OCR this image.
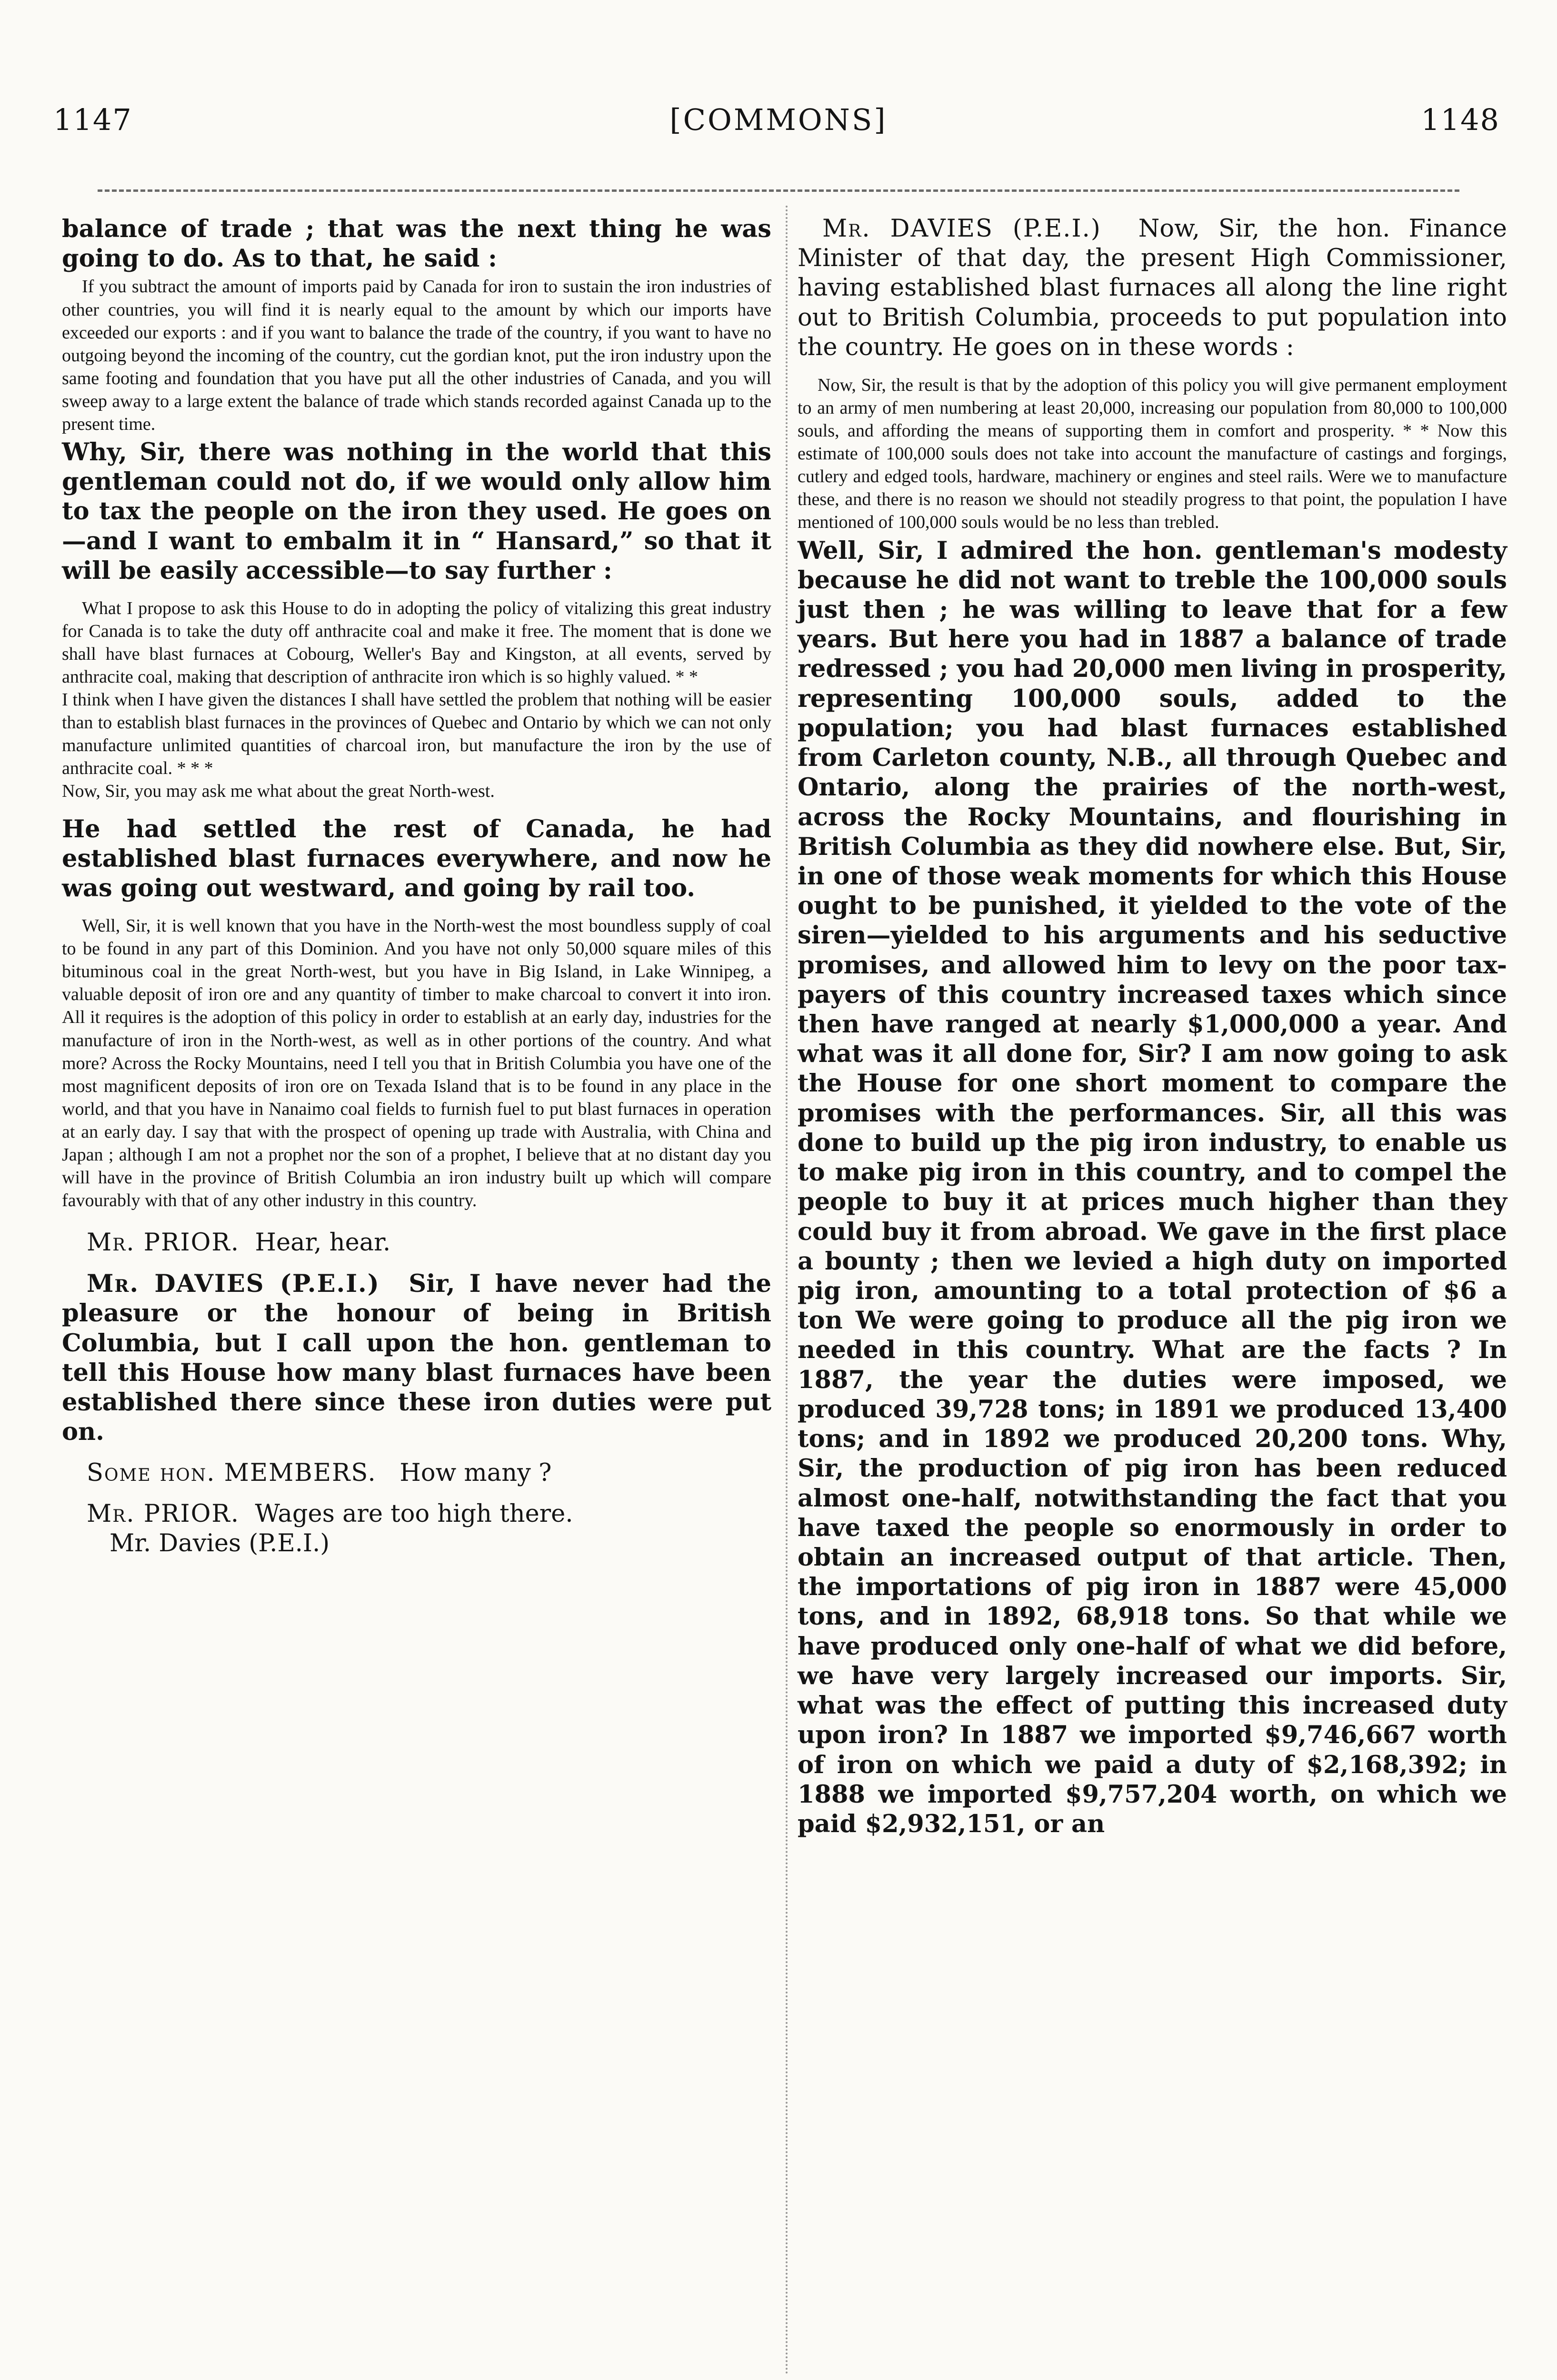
1147	[COMMONS]	1148

balance of trade ; that was the next thing he was going to do. As to that, he said :

If you subtract the amount of imports paid by Canada for iron to sustain the iron industries of other countries, you will find it is nearly equal to the amount by which our imports have exceeded our exports : and if you want to balance the trade of the country, if you want to have no outgoing beyond the incoming of the country, cut the gordian knot, put the iron industry upon the same footing and foundation that you have put all the other industries of Canada, and you will sweep away to a large extent the balance of trade which stands recorded against Canada up to the present time.

Why, Sir, there was nothing in the world that this gentleman could not do, if we would only allow him to tax the people on the iron they used. He goes on—and I want to embalm it in “ Hansard,” so that it will be easily accessible—to say further :

What I propose to ask this House to do in adopting the policy of vitalizing this great industry for Canada is to take the duty off anthracite coal and make it free. The moment that is done we shall have blast furnaces at Cobourg, Weller's Bay and Kingston, at all events, served by anthracite coal, making that description of anthracite iron which is so highly valued. * *

I think when I have given the distances I shall have settled the problem that nothing will be easier than to establish blast furnaces in the provinces of Quebec and Ontario by which we can not only manufacture unlimited quantities of charcoal iron, but manufacture the iron by the use of anthracite coal. * * *

Now, Sir, you may ask me what about the great North-west.

He had settled the rest of Canada, he had established blast furnaces everywhere, and now he was going out westward, and going by rail too.

Well, Sir, it is well known that you have in the North-west the most boundless supply of coal to be found in any part of this Dominion. And you have not only 50,000 square miles of this bituminous coal in the great North-west, but you have in Big Island, in Lake Winnipeg, a valuable deposit of iron ore and any quantity of timber to make charcoal to convert it into iron. All it requires is the adoption of this policy in order to establish at an early day, industries for the manufacture of iron in the North-west, as well as in other portions of the country. And what more? Across the Rocky Mountains, need I tell you that in British Columbia you have one of the most magnificent deposits of iron ore on Texada Island that is to be found in any place in the world, and that you have in Nanaimo coal fields to furnish fuel to put blast furnaces in operation at an early day. I say that with the prospect of opening up trade with Australia, with China and Japan ; although I am not a prophet nor the son of a prophet, I believe that at no distant day you will have in the province of British Columbia an iron industry built up which will compare favourably with that of any other industry in this country.

Mr. PRIOR. Hear, hear.

Mr. DAVIES (P.E.I.) Sir, I have never had the pleasure or the honour of being in British Columbia, but I call upon the hon. gentleman to tell this House how many blast furnaces have been established there since these iron duties were put on.

Some hon. MEMBERS. How many ?

Mr. PRIOR. Wages are too high there.

Mr. Davies (P.E.I.)

Mr. DAVIES (P.E.I.) Now, Sir, the hon. Finance Minister of that day, the present High Commissioner, having established blast furnaces all along the line right out to British Columbia, proceeds to put population into the country. He goes on in these words :

Now, Sir, the result is that by the adoption of this policy you will give permanent employment to an army of men numbering at least 20,000, increasing our population from 80,000 to 100,000 souls, and affording the means of supporting them in comfort and prosperity. * * Now this estimate of 100,000 souls does not take into account the manufacture of castings and forgings, cutlery and edged tools, hardware, machinery or engines and steel rails. Were we to manufacture these, and there is no reason we should not steadily progress to that point, the population I have mentioned of 100,000 souls would be no less than trebled.

Well, Sir, I admired the hon. gentleman's modesty because he did not want to treble the 100,000 souls just then ; he was willing to leave that for a few years. But here you had in 1887 a balance of trade redressed ; you had 20,000 men living in prosperity, representing 100,000 souls, added to the population; you had blast furnaces established from Carleton county, N.B., all through Quebec and Ontario, along the prairies of the north-west, across the Rocky Mountains, and flourishing in British Columbia as they did nowhere else. But, Sir, in one of those weak moments for which this House ought to be punished, it yielded to the vote of the siren—yielded to his arguments and his seductive promises, and allowed him to levy on the poor tax-payers of this country increased taxes which since then have ranged at nearly $1,000,000 a year. And what was it all done for, Sir? I am now going to ask the House for one short moment to compare the promises with the performances. Sir, all this was done to build up the pig iron industry, to enable us to make pig iron in this country, and to compel the people to buy it at prices much higher than they could buy it from abroad. We gave in the first place a bounty ; then we levied a high duty on imported pig iron, amounting to a total protection of $6 a ton We were going to produce all the pig iron we needed in this country. What are the facts ? In 1887, the year the duties were imposed, we produced 39,728 tons; in 1891 we produced 13,400 tons; and in 1892 we produced 20,200 tons. Why, Sir, the production of pig iron has been reduced almost one-half, notwithstanding the fact that you have taxed the people so enormously in order to obtain an increased output of that article. Then, the importations of pig iron in 1887 were 45,000 tons, and in 1892, 68,918 tons. So that while we have produced only one-half of what we did before, we have very largely increased our imports. Sir, what was the effect of putting this increased duty upon iron? In 1887 we imported $9,746,667 worth of iron on which we paid a duty of $2,168,392; in 1888 we imported $9,757,204 worth, on which we paid $2,932,151, or an
